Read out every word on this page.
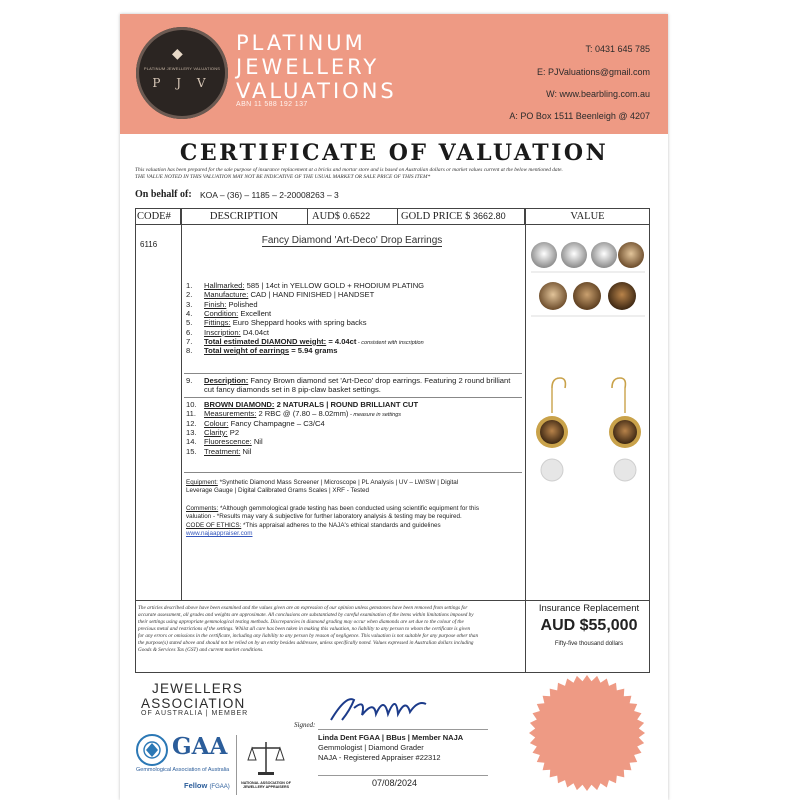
◆
PLATINUM JEWELLERY VALUATIONS
P J V
PLATINUM
JEWELLERY
VALUATIONS
ABN 11 588 192 137
T: 0431 645 785
E: PJValuations@gmail.com
W: www.bearbling.com.au
A: PO Box 1511 Beenleigh @ 4207
CERTIFICATE OF VALUATION
This valuation has been prepared for the sale purpose of insurance replacement at a bricks and mortar store and is based on Australian dollars or market values current at the below mentioned date.
THE VALUE NOTED IN THIS VALUATION MAY NOT BE INDICATIVE OF THE USUAL MARKET OR SALE PRICE OF THIS ITEM*
On behalf of: KOA – (36) – 1185 – 2-20008263 – 3
CODE#	DESCRIPTION	AUD$ 0.6522	GOLD PRICE $ 3662.80	VALUE
6116	Fancy Diamond 'Art-Deco' Drop Earrings
1. Hallmarked: 585 | 14ct in YELLOW GOLD + RHODIUM PLATING
2. Manufacture: CAD | HAND FINISHED | HANDSET
3. Finish: Polished
4. Condition: Excellent
5. Fittings: Euro Sheppard hooks with spring backs
6. Inscription: D4.04ct
7. Total estimated DIAMOND weight: = 4.04ct - consistent with inscription
8. Total weight of earrings = 5.94 grams
9. Description: Fancy Brown diamond set 'Art-Deco' drop earrings. Featuring 2 round brilliant
cut fancy diamonds set in 8 pip-claw basket settings.
10. BROWN DIAMOND: 2 NATURALS | ROUND BRILLIANT CUT
11. Measurements: 2 RBC @ (7.80 – 8.02mm) - measure in settings
12. Colour: Fancy Champagne – C3/C4
13. Clarity: P2
14. Fluorescence: Nil
15. Treatment: Nil
Equipment: *Synthetic Diamond Mass Screener | Microscope | PL Analysis | UV – LW/SW | Digital
Leverage Gauge | Digital Calibrated Grams Scales | XRF - Tested
Comments: *Although gemmological grade testing has been conducted using scientific equipment for this
valuation - *Results may vary & subjective for further laboratory analysis & testing may be required.
CODE OF ETHICS: *This appraisal adheres to the NAJA's ethical standards and guidelines
www.najaappraiser.com
The articles described above have been examined and the values given are an expression of our opinion unless gemstones have been removed from settings for
accurate assessment, all grades and weights are approximate. All conclusions are substantiated by careful examination of the items within limitations imposed by
their settings using appropriate gemmological testing methods. Discrepancies in diamond grading may occur when diamonds are set due to the colour of the
precious metal and restrictions of the settings. Whilst all care has been taken in making this valuation, no liability to any person to whom the certificate is given
for any errors or omissions in the certificate, including any liability to any person by reason of negligence. This valuation is not suitable for any purpose other than
the purpose(s) stated above and should not be relied on by an entity besides addressee, unless specifically noted. Values expressed in Australian dollars including
Goods & Services Tax (GST) and current market conditions.
Insurance Replacement
AUD $55,000
Fifty-five thousand dollars
JEWELLERS
ASSOCIATION
OF AUSTRALIA | MEMBER
GAA
Gemmological Association of Australia
Fellow (FGAA)
NATIONAL ASSOCIATION OF JEWELLERY APPRAISERS
Signed:
Linda Dent FGAA | BBus | Member NAJA
Gemmologist | Diamond Grader
NAJA - Registered Appraiser #22312
07/08/2024
